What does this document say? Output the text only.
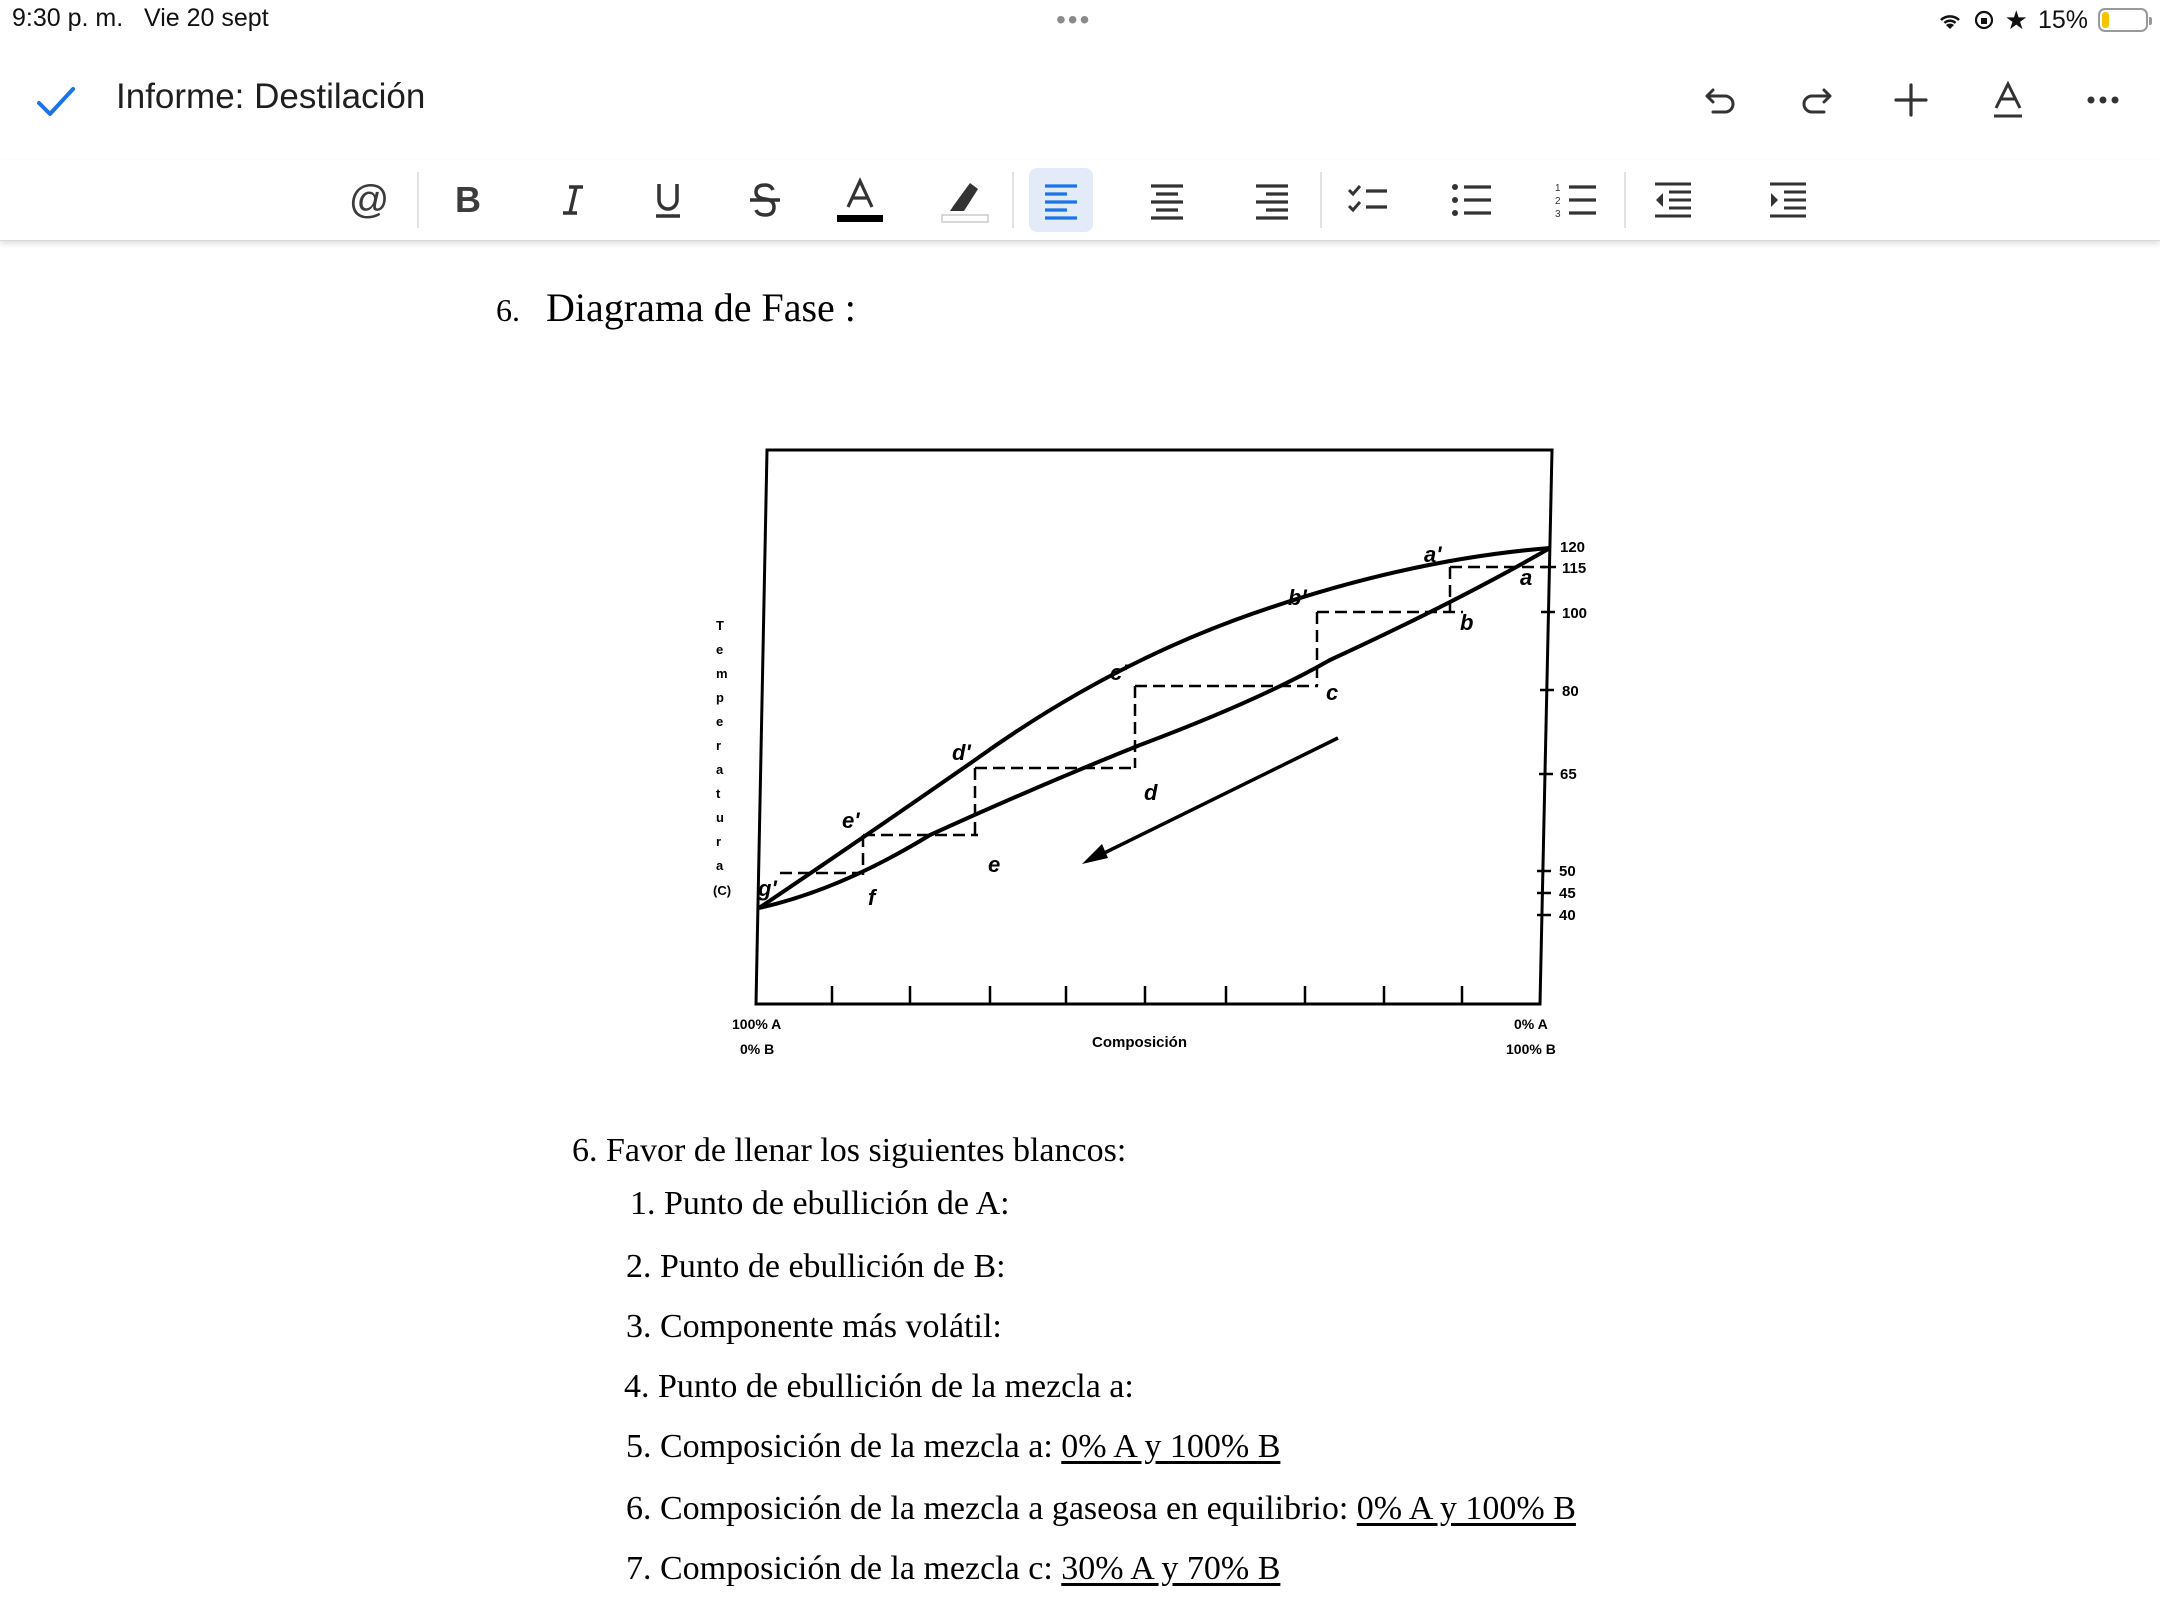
9:30 p. m. Vie 20 sept	•••	★ 15%
Informe: Destilación
@	B	1
2
3
6. Diagrama de Fase :
120
115
100
80
65
50
45
40
a'
a
b'
b
c'
c
d'
d
e'
e
f
g'
T
e
m
p
e
r
a
t
u
r
a
(C)
100% A
0% B	Composición
0% A
100% B
6. Favor de llenar los siguientes blancos:
1. Punto de ebullición de A:
2. Punto de ebullición de B:
3. Componente más volátil:
4. Punto de ebullición de la mezcla a:
5. Composición de la mezcla a: 0% A y 100% B
6. Composición de la mezcla a gaseosa en equilibrio: 0% A y 100% B
7. Composición de la mezcla c: 30% A y 70% B
